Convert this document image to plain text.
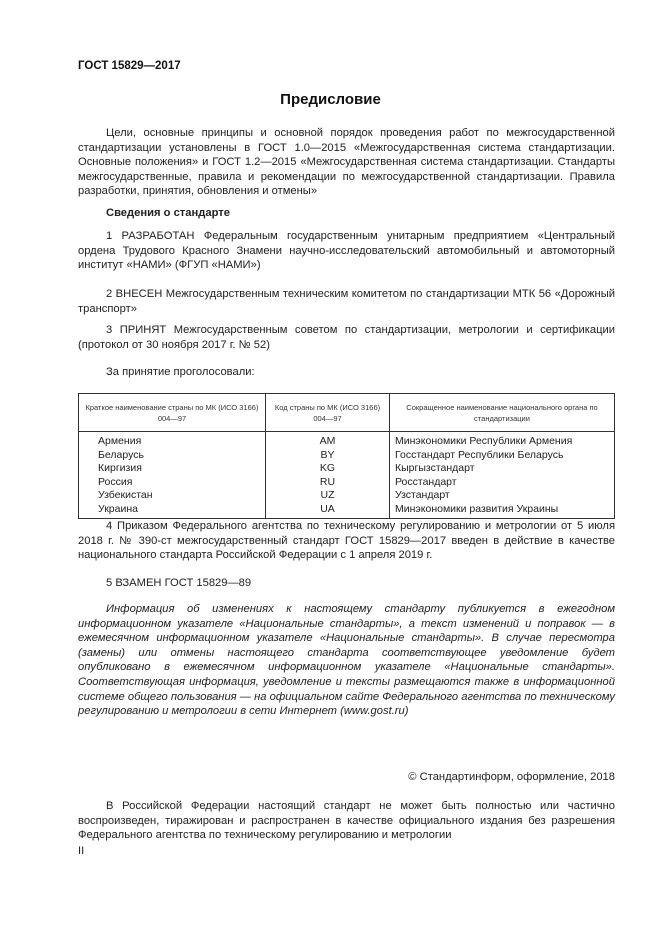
ГОСТ 15829—2017
Предисловие

Цели, основные принципы и основной порядок проведения работ по межгосударственной стандартизации установлены в ГОСТ 1.0—2015 «Межгосударственная система стандартизации. Основные положения» и ГОСТ 1.2—2015 «Межгосударственная система стандартизации. Стандарты межгосударственные, правила и рекомендации по межгосударственной стандартизации. Правила разработки, принятия, обновления и отмены»

Сведения о стандарте

1 РАЗРАБОТАН Федеральным государственным унитарным предприятием «Центральный ордена Трудового Красного Знамени научно-исследовательский автомобильный и автомоторный институт «НАМИ» (ФГУП «НАМИ»)

2 ВНЕСЕН Межгосударственным техническим комитетом по стандартизации МТК 56 «Дорожный транспорт»

3 ПРИНЯТ Межгосударственным советом по стандартизации, метрологии и сертификации (протокол от 30 ноября 2017 г. № 52)

За принятие проголосовали:
Краткое наименование страны по МК (ИСО 3166) 004—97	Код страны по МК (ИСО 3166) 004—97	Сокращенное наименование национального органа по стандартизации
Армения	AM	Минэкономики Республики Армения
Беларусь	BY	Госстандарт Республики Беларусь
Киргизия	KG	Кыргызстандарт
Россия	RU	Росстандарт
Узбекистан	UZ	Узстандарт
Украина	UA	Минэкономики развития Украины

4 Приказом Федерального агентства по техническому регулированию и метрологии от 5 июля 2018 г. № 390-ст межгосударственный стандарт ГОСТ 15829—2017 введен в действие в качестве национального стандарта Российской Федерации с 1 апреля 2019 г.

5 ВЗАМЕН ГОСТ 15829—89

Информация об изменениях к настоящему стандарту публикуется в ежегодном информационном указателе «Национальные стандарты», а текст изменений и поправок — в ежемесячном информационном указателе «Национальные стандарты». В случае пересмотра (замены) или отмены настоящего стандарта соответствующее уведомление будет опубликовано в ежемесячном информационном указателе «Национальные стандарты». Соответствующая информация, уведомление и тексты размещаются также в информационной системе общего пользования — на официальном сайте Федерального агентства по техническому регулированию и метрологии в сети Интернет (www.gost.ru)

© Стандартинформ, оформление, 2018

В Российской Федерации настоящий стандарт не может быть полностью или частично воспроизведен, тиражирован и распространен в качестве официального издания без разрешения Федерального агентства по техническому регулированию и метрологии

II
